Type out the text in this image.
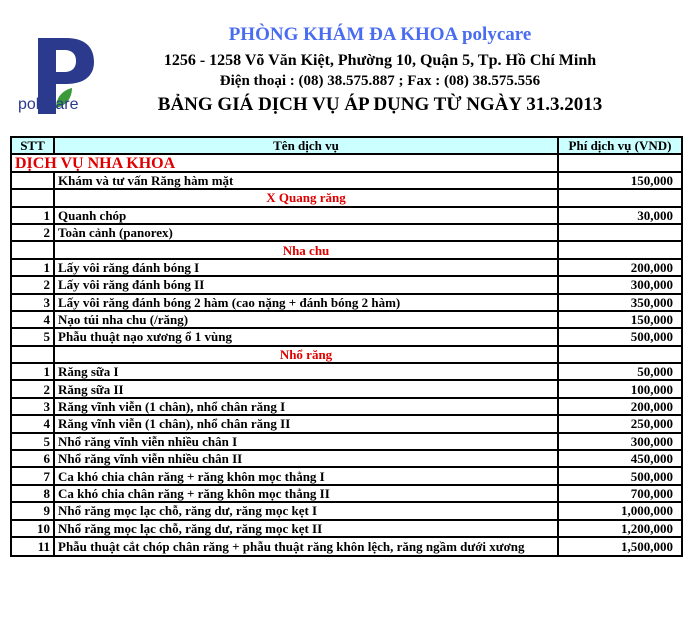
polycare
PHÒNG KHÁM ĐA KHOA polycare
1256 - 1258 Võ Văn Kiệt, Phường 10, Quận 5, Tp. Hồ Chí Minh
Điện thoại : (08) 38.575.887 ; Fax : (08) 38.575.556
BẢNG GIÁ DỊCH VỤ ÁP DỤNG TỪ NGÀY 31.3.2013
STT	Tên dịch vụ	Phí dịch vụ (VND)
DỊCH VỤ NHA KHOA		
	Khám và tư vấn Răng hàm mặt	150,000
	X Quang răng	
1	Quanh chóp	30,000
2	Toàn cảnh (panorex)	
	Nha chu	
1	Lấy vôi răng đánh bóng I	200,000
2	Lấy vôi răng đánh bóng II	300,000
3	Lấy vôi răng đánh bóng 2 hàm (cao nặng + đánh bóng 2 hàm)	350,000
4	Nạo túi nha chu (/răng)	150,000
5	Phẫu thuật nạo xương ổ 1 vùng	500,000
	Nhổ răng	
1	Răng sữa I	50,000
2	Răng sữa II	100,000
3	Răng vĩnh viễn (1 chân), nhổ chân răng I	200,000
4	Răng vĩnh viễn (1 chân), nhổ chân răng II	250,000
5	Nhổ răng vĩnh viễn nhiều chân I	300,000
6	Nhổ răng vĩnh viễn nhiều chân II	450,000
7	Ca khó chia chân răng + răng khôn mọc thẳng I	500,000
8	Ca khó chia chân răng + răng khôn mọc thẳng II	700,000
9	Nhổ răng mọc lạc chỗ, răng dư, răng mọc kẹt I	1,000,000
10	Nhổ răng mọc lạc chỗ, răng dư, răng mọc kẹt II	1,200,000
11	Phẫu thuật cắt chóp chân răng + phẫu thuật răng khôn lệch, răng ngầm dưới xương	1,500,000
